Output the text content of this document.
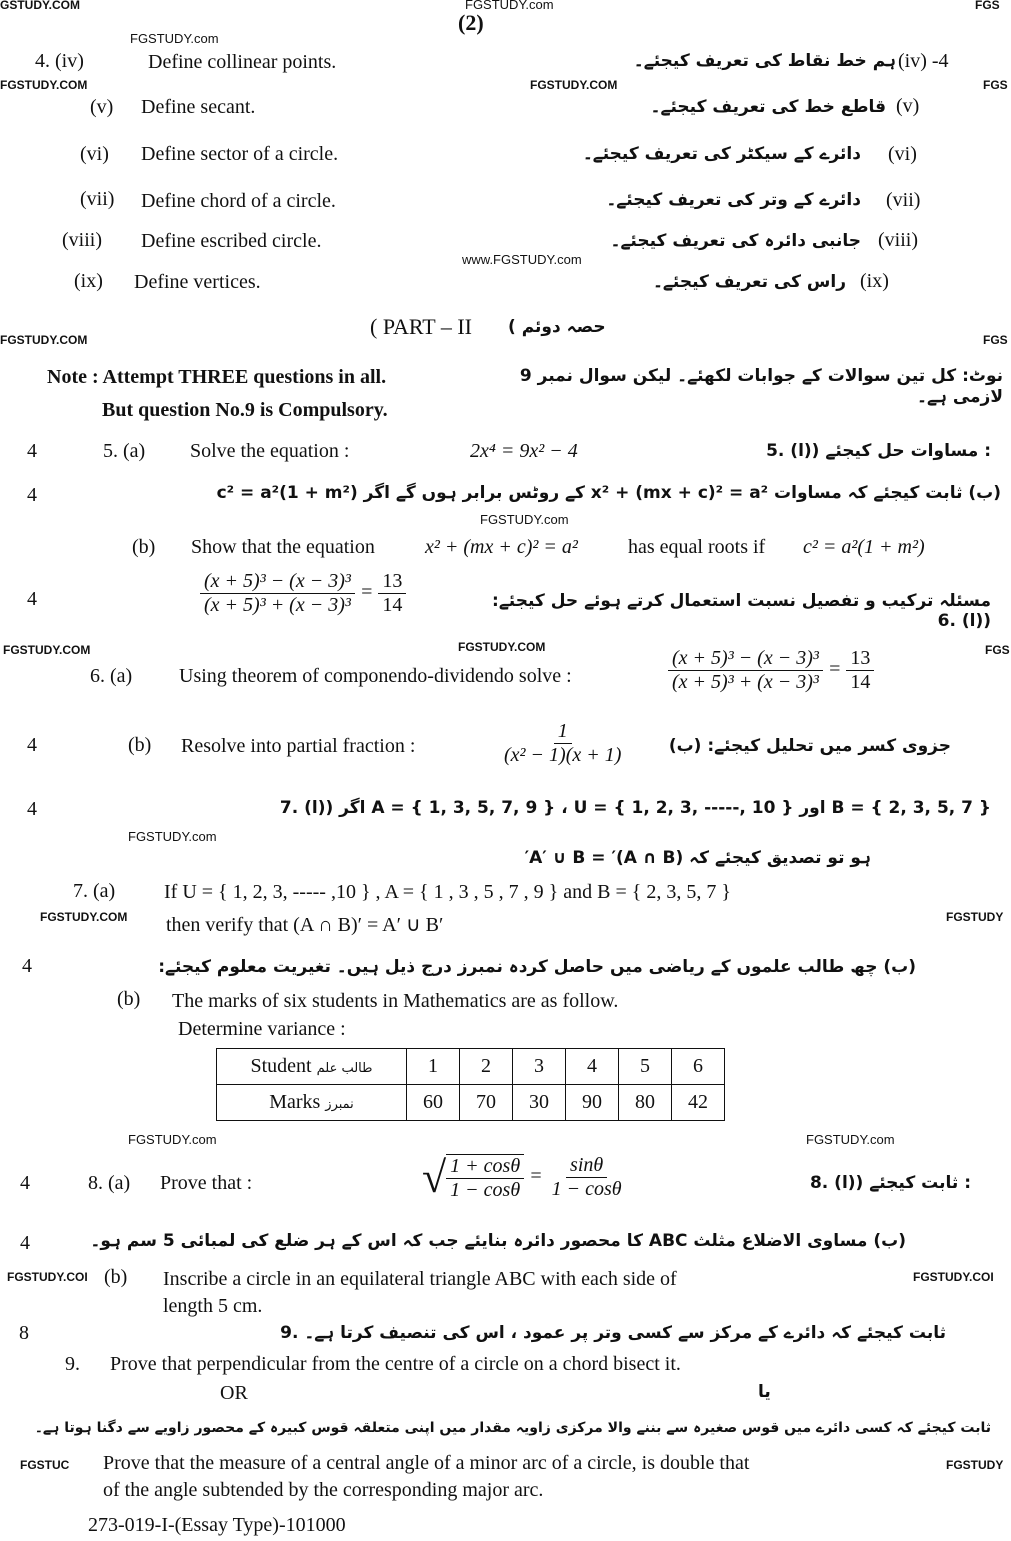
GSTUDY.COM	FGSTUDY.com
(2)
FGS
FGSTUDY.com
FGSTUDY.COM	FGSTUDY.COM	FGS
www.FGSTUDY.com
FGSTUDY.COM	FGS
FGSTUDY.com
FGSTUDY.COM	FGSTUDY.COM	FGS
FGSTUDY.com
FGSTUDY.COM	FGSTUDY
FGSTUDY.com	FGSTUDY.com
FGSTUDY.COI	FGSTUDY.COI
FGSTUC	FGSTUDY
4. (iv)	Define collinear points.	ہم خط نقاط کی تعریف کیجئے۔ (iv) -4
(v) Define secant.	قاطع خط کی تعریف کیجئے۔ (v)
(vi) Define sector of a circle.	دائرے کے سیکٹر کی تعریف کیجئے۔ (vi)
(vii) Define chord of a circle.	دائرے کے وتر کی تعریف کیجئے۔ (vii)
(viii) Define escribed circle.	جانبی دائرہ کی تعریف کیجئے۔ (viii)
(ix) Define vertices.	راس کی تعریف کیجئے۔ (ix)
( PART – II حصہ دوئم )
Note : Attempt THREE questions in all.
But question No.9 is Compulsory.
نوٹ: کل تین سوالات کے جوابات لکھئے۔ لیکن سوال نمبر 9 لازمی ہے۔
4	5. (a) Solve the equation :	2x⁴ = 9x² − 4	: مساوات حل کیجئے ((ا) .5
4	(ب) ثابت کیجئے کہ مساوات x² + (mx + c)² = a² کے روٹس برابر ہوں گے اگر c² = a²(1 + m²)
(b) Show that the equation	x² + (mx + c)² = a²	has equal roots if c² = a²(1 + m²)
4	$\frac{\text{(x + 5)³ − (x − 3)³}}{\text{(x + 5)³ + (x − 3)³}} = \frac{13}{14}$	مسئلہ ترکیب و تفصیل نسبت استعمال کرتے ہوئے حل کیجئے: ((ا) .6
6. (a) Using theorem of componendo-dividendo solve :	$\frac{\text{(x + 5)³ − (x − 3)³}}{\text{(x + 5)³ + (x − 3)³}} = \frac{13}{14}$
4	(b) Resolve into partial fraction :	$\frac{1}{\text{(x² − 1)(x + 1)}}$	جزوی کسر میں تحلیل کیجئے: (ب)
4	B = { 2, 3, 5, 7 } اور A = { 1, 3, 5, 7, 9 } ، U = { 1, 2, 3, -----, 10 } اگر ((ا) .7
ہو تو تصدیق کیجئے کہ (A ∩ B)′ = A′ ∪ B′
7. (a) If U = { 1, 2, 3, ----- ,10 } , A = { 1 , 3 , 5 , 7 , 9 } and B = { 2, 3, 5, 7 }
then verify that (A ∩ B)′ = A′ ∪ B′
4	(ب) چھ طالب علموں کے ریاضی میں حاصل کردہ نمبرز درج ذیل ہیں۔ تغیریت معلوم کیجئے:
(b) The marks of six students in Mathematics are as follow.
Determine variance :
Student طالب علم	1	2	3	4	5	6
Marks نمبرز	60	70	30	90	80	42
4	8. (a) Prove that :	√ $\frac{1 + \cos\theta}{1 - \cos\theta} = \frac{\sin\theta}{1 - \cos\theta}$	: ثابت کیجئے ((ا) .8
4	(ب) مساوی الاضلاع مثلث ABC کا محصور دائرہ بنایئے جب کہ اس کے ہر ضلع کی لمبائی 5 سم ہو۔
(b) Inscribe a circle in an equilateral triangle ABC with each side of
length 5 cm.
8	ثابت کیجئے کہ دائرے کے مرکز سے کسی وتر پر عمود ، اس کی تنصیف کرتا ہے۔ .9
9. Prove that perpendicular from the centre of a circle on a chord bisect it.
OR	یا
ثابت کیجئے کہ کسی دائرے میں قوس صغیرہ سے بننے والا مرکزی زاویہ مقدار میں اپنی متعلقہ قوس کبیرہ کے محصور زاویے سے دگنا ہوتا ہے۔
Prove that the measure of a central angle of a minor arc of a circle, is double that
of the angle subtended by the corresponding major arc.
273-019-I-(Essay Type)-101000
